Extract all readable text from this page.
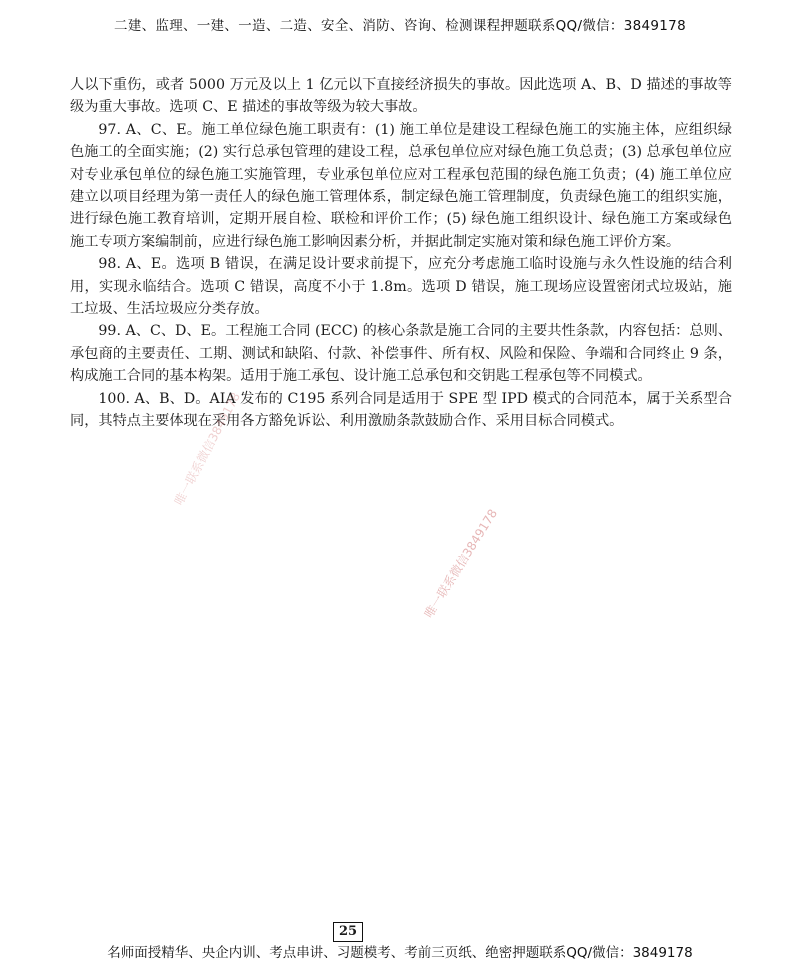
二建、监理、一建、一造、二造、安全、消防、咨询、检测课程押题联系QQ/微信：3849178

人以下重伤，或者 5000 万元及以上 1 亿元以下直接经济损失的事故。因此选项 A、B、D 描述的事故等级为重大事故。选项 C、E 描述的事故等级为较大事故。

97. A、C、E。施工单位绿色施工职责有：(1) 施工单位是建设工程绿色施工的实施主体，应组织绿色施工的全面实施；(2) 实行总承包管理的建设工程，总承包单位应对绿色施工负总责；(3) 总承包单位应对专业承包单位的绿色施工实施管理，专业承包单位应对工程承包范围的绿色施工负责；(4) 施工单位应建立以项目经理为第一责任人的绿色施工管理体系，制定绿色施工管理制度，负责绿色施工的组织实施，进行绿色施工教育培训，定期开展自检、联检和评价工作；(5) 绿色施工组织设计、绿色施工方案或绿色施工专项方案编制前，应进行绿色施工影响因素分析，并据此制定实施对策和绿色施工评价方案。

98. A、E。选项 B 错误，在满足设计要求前提下，应充分考虑施工临时设施与永久性设施的结合利用，实现永临结合。选项 C 错误，高度不小于 1.8m。选项 D 错误，施工现场应设置密闭式垃圾站，施工垃圾、生活垃圾应分类存放。

99. A、C、D、E。工程施工合同 (ECC) 的核心条款是施工合同的主要共性条款，内容包括：总则、承包商的主要责任、工期、测试和缺陷、付款、补偿事件、所有权、风险和保险、争端和合同终止 9 条，构成施工合同的基本构架。适用于施工承包、设计施工总承包和交钥匙工程承包等不同模式。

100. A、B、D。AIA 发布的 C195 系列合同是适用于 SPE 型 IPD 模式的合同范本，属于关系型合同，其特点主要体现在采用各方豁免诉讼、利用激励条款鼓励合作、采用目标合同模式。

唯一联系微信3849178
唯一联系微信3849178
25
名师面授精华、央企内训、考点串讲、习题模考、考前三页纸、绝密押题联系QQ/微信：3849178
